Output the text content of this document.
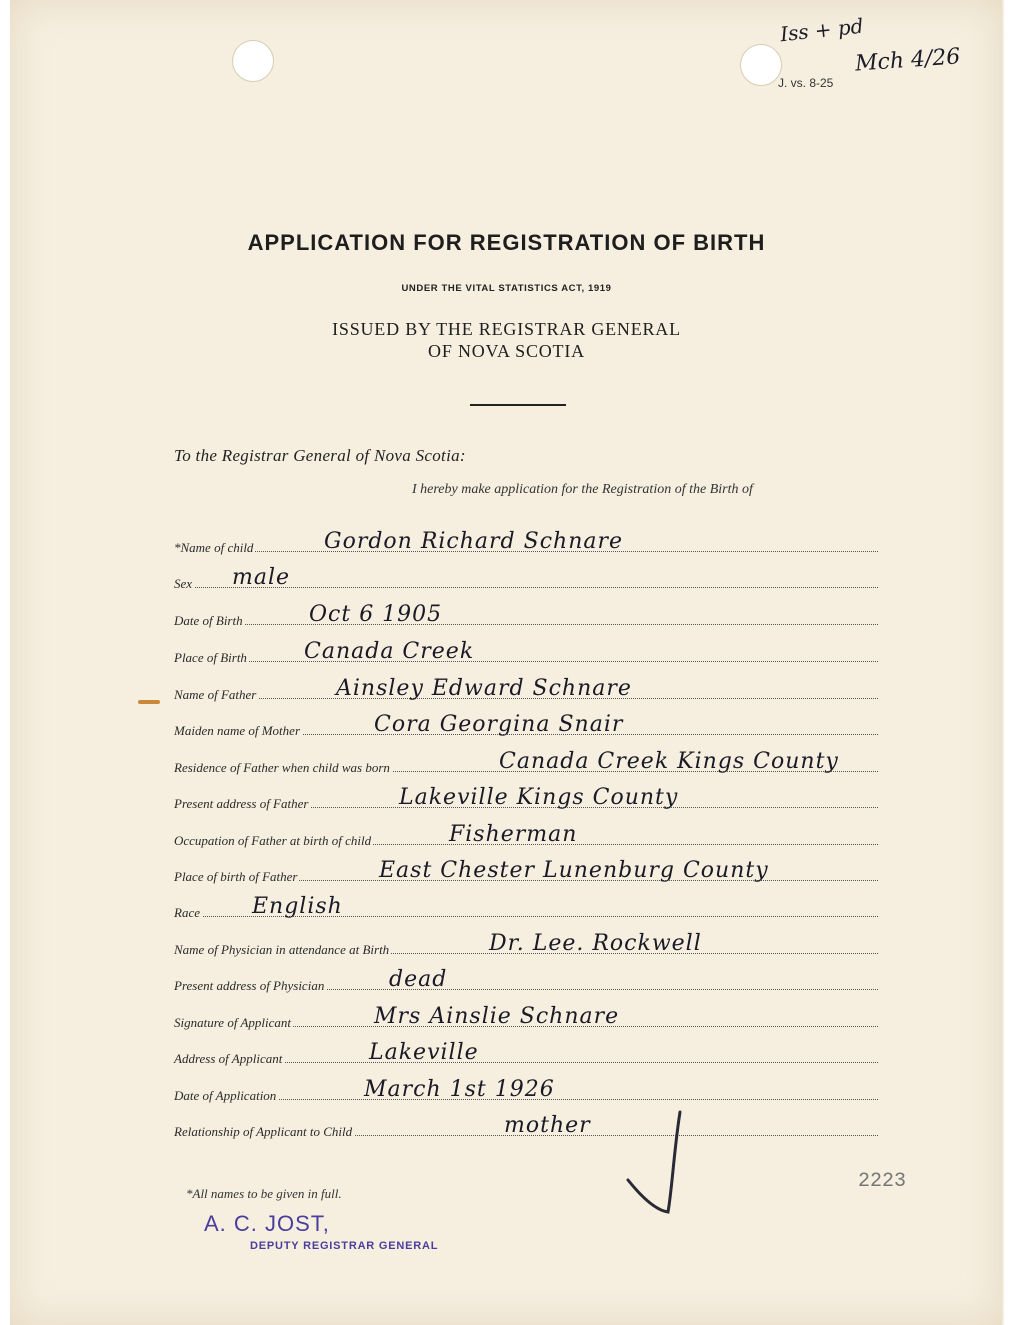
J. vs. 8-25
Iss + pd
Mch 4/26
APPLICATION FOR REGISTRATION OF BIRTH
UNDER THE VITAL STATISTICS ACT, 1919
ISSUED BY THE REGISTRAR GENERAL
OF NOVA SCOTIA
To the Registrar General of Nova Scotia:
I hereby make application for the Registration of the Birth of
*Name of child	Gordon Richard Schnare
Sex male
Date of Birth	Oct 6 1905
Place of Birth	Canada Creek
Name of Father	Ainsley Edward Schnare
Maiden name of Mother	Cora Georgina Snair
Residence of Father when child was born	Canada Creek Kings County
Present address of Father	Lakeville Kings County
Occupation of Father at birth of child	Fisherman
Place of birth of Father	East Chester Lunenburg County
Race English
Name of Physician in attendance at Birth	Dr. Lee. Rockwell
Present address of Physician	dead
Signature of Applicant	Mrs Ainslie Schnare
Address of Applicant	Lakeville
Date of Application	March 1st 1926
Relationship of Applicant to Child	mother
*All names to be given in full.
2223
A. C. JOST,
DEPUTY REGISTRAR GENERAL
